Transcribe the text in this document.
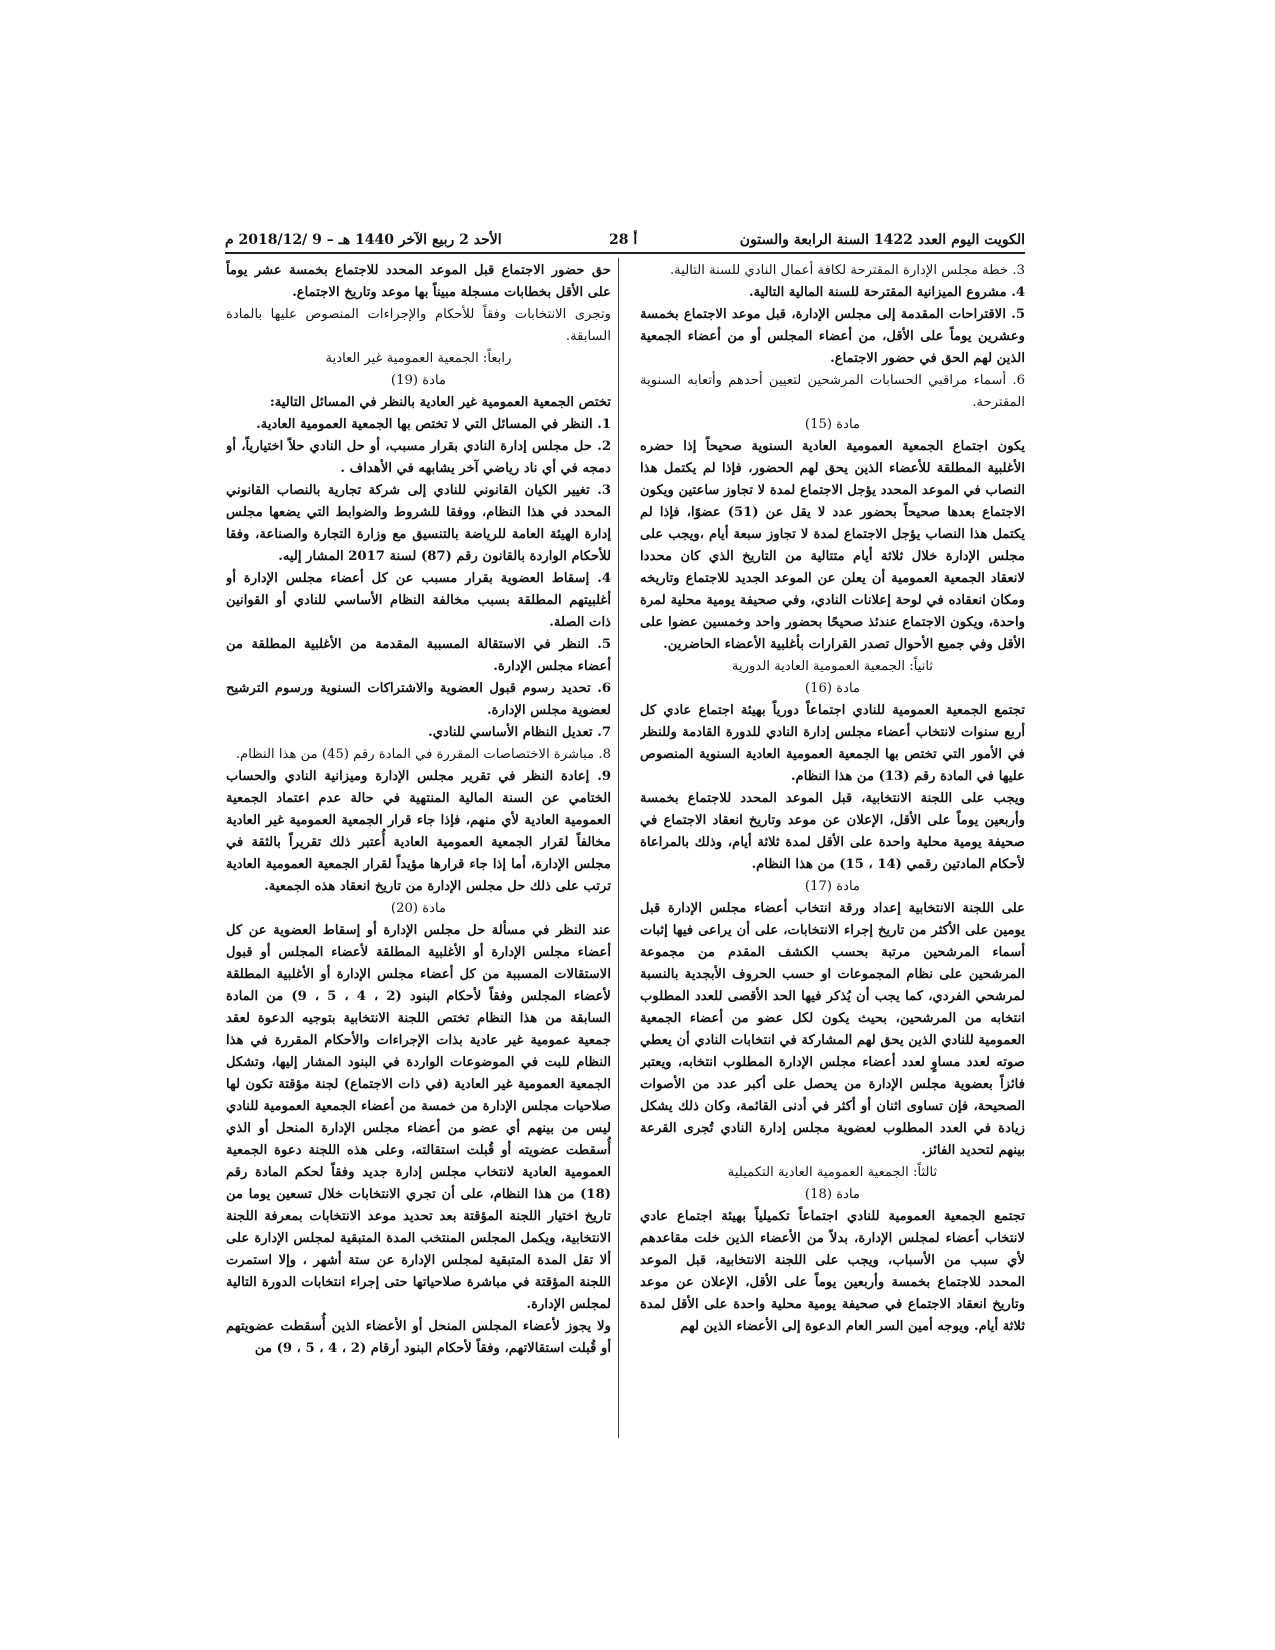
الكويت اليوم العدد 1422 السنة الرابعة والستون
أ 28
الأحد 2 ربيع الآخر 1440 هـ – 9 /2018/12 م

3. خطة مجلس الإدارة المقترحة لكافة أعمال النادي للسنة التالية.

4. مشروع الميزانية المقترحة للسنة المالية التالية.

5. الاقتراحات المقدمة إلى مجلس الإدارة، قبل موعد الاجتماع بخمسة وعشرين يوماً على الأقل، من أعضاء المجلس أو من أعضاء الجمعية الذين لهم الحق في حضور الاجتماع.

6. أسماء مراقبي الحسابات المرشحين لتعيين أحدهم وأتعابه السنوية المقترحة.

مادة (15)

يكون اجتماع الجمعية العمومية العادية السنوية صحيحاً إذا حضره الأغلبية المطلقة للأعضاء الذين يحق لهم الحضور، فإذا لم يكتمل هذا النصاب في الموعد المحدد يؤجل الاجتماع لمدة لا تجاوز ساعتين ويكون الاجتماع بعدها صحيحاً بحضور عدد لا يقل عن (51) عضوًا، فإذا لم يكتمل هذا النصاب يؤجل الاجتماع لمدة لا تجاوز سبعة أيام ،ويجب على مجلس الإدارة خلال ثلاثة أيام متتالية من التاريخ الذي كان محددا لانعقاد الجمعية العمومية أن يعلن عن الموعد الجديد للاجتماع وتاريخه ومكان انعقاده في لوحة إعلانات النادي، وفي صحيفة يومية محلية لمرة واحدة، ويكون الاجتماع عندئذ صحيحًا بحضور واحد وخمسين عضوا على الأقل وفي جميع الأحوال تصدر القرارات بأغلبية الأعضاء الحاضرين.

ثانياً: الجمعية العمومية العادية الدورية

مادة (16)

تجتمع الجمعية العمومية للنادي اجتماعاً دورياً بهيئة اجتماع عادي كل أربع سنوات لانتخاب أعضاء مجلس إدارة النادي للدورة القادمة وللنظر في الأمور التي تختص بها الجمعية العمومية العادية السنوية المنصوص عليها في المادة رقم (13) من هذا النظام.

ويجب على اللجنة الانتخابية، قبل الموعد المحدد للاجتماع بخمسة وأربعين يوماً على الأقل، الإعلان عن موعد وتاريخ انعقاد الاجتماع في صحيفة يومية محلية واحدة على الأقل لمدة ثلاثة أيام، وذلك بالمراعاة لأحكام المادتين رقمي (14 ، 15) من هذا النظام.

مادة (17)

على اللجنة الانتخابية إعداد ورقة انتخاب أعضاء مجلس الإدارة قبل يومين على الأكثر من تاريخ إجراء الانتخابات، على أن يراعى فيها إثبات أسماء المرشحين مرتبة بحسب الكشف المقدم من مجموعة المرشحين على نظام المجموعات او حسب الحروف الأبجدية بالنسبة لمرشحي الفردي، كما يجب أن يُذكر فيها الحد الأقصى للعدد المطلوب انتخابه من المرشحين، بحيث يكون لكل عضو من أعضاء الجمعية العمومية للنادي الذين يحق لهم المشاركة في انتخابات النادي أن يعطي صوته لعدد مساوٍ لعدد أعضاء مجلس الإدارة المطلوب انتخابه، ويعتبر فائزاً بعضوية مجلس الإدارة من يحصل على أكبر عدد من الأصوات الصحيحة، فإن تساوى اثنان أو أكثر في أدنى القائمة، وكان ذلك يشكل زيادة في العدد المطلوب لعضوية مجلس إدارة النادي تُجرى القرعة بينهم لتحديد الفائز.

ثالثاً: الجمعية العمومية العادية التكميلية

مادة (18)

تجتمع الجمعية العمومية للنادي اجتماعاً تكميلياً بهيئة اجتماع عادي لانتخاب أعضاء لمجلس الإدارة، بدلاً من الأعضاء الذين خلت مقاعدهم لأي سبب من الأسباب، ويجب على اللجنة الانتخابية، قبل الموعد المحدد للاجتماع بخمسة وأربعين يوماً على الأقل، الإعلان عن موعد وتاريخ انعقاد الاجتماع في صحيفة يومية محلية واحدة على الأقل لمدة ثلاثة أيام. ويوجه أمين السر العام الدعوة إلى الأعضاء الذين لهم

حق حضور الاجتماع قبل الموعد المحدد للاجتماع بخمسة عشر يوماً على الأقل بخطابات مسجلة مبيناً بها موعد وتاريخ الاجتماع.

وتجرى الانتخابات وفقاً للأحكام والإجراءات المنصوص عليها بالمادة السابقة.

رابعاً: الجمعية العمومية غير العادية

مادة (19)

تختص الجمعية العمومية غير العادية بالنظر في المسائل التالية:

1. النظر في المسائل التي لا تختص بها الجمعية العمومية العادية.

2. حل مجلس إدارة النادي بقرار مسبب، أو حل النادي حلاً اختيارياً، أو دمجه في أي ناد رياضي آخر يشابهه في الأهداف .

3. تغيير الكيان القانوني للنادي إلى شركة تجارية بالنصاب القانوني المحدد في هذا النظام، ووفقا للشروط والضوابط التي يضعها مجلس إدارة الهيئة العامة للرياضة بالتنسيق مع وزارة التجارة والصناعة، وفقا للأحكام الواردة بالقانون رقم (87) لسنة 2017 المشار إليه.

4. إسقاط العضوية بقرار مسبب عن كل أعضاء مجلس الإدارة أو أغلبيتهم المطلقة بسبب مخالفة النظام الأساسي للنادي أو القوانين ذات الصلة.

5. النظر في الاستقالة المسببة المقدمة من الأغلبية المطلقة من أعضاء مجلس الإدارة.

6. تحديد رسوم قبول العضوية والاشتراكات السنوية ورسوم الترشيح لعضوية مجلس الإدارة.

7. تعديل النظام الأساسي للنادي.

8. مباشرة الاختصاصات المقررة في المادة رقم (45) من هذا النظام.

9. إعادة النظر في تقرير مجلس الإدارة وميزانية النادي والحساب الختامي عن السنة المالية المنتهية في حالة عدم اعتماد الجمعية العمومية العادية لأي منهم، فإذا جاء قرار الجمعية العمومية غير العادية مخالفاً لقرار الجمعية العمومية العادية أُعتبر ذلك تقريراً بالثقة في مجلس الإدارة، أما إذا جاء قرارها مؤيداً لقرار الجمعية العمومية العادية ترتب على ذلك حل مجلس الإدارة من تاريخ انعقاد هذه الجمعية.

مادة (20)

عند النظر في مسألة حل مجلس الإدارة أو إسقاط العضوية عن كل أعضاء مجلس الإدارة أو الأغلبية المطلقة لأعضاء المجلس أو قبول الاستقالات المسببة من كل أعضاء مجلس الإدارة أو الأغلبية المطلقة لأعضاء المجلس وفقاً لأحكام البنود (2 ، 4 ، 5 ، 9) من المادة السابقة من هذا النظام تختص اللجنة الانتخابية بتوجيه الدعوة لعقد جمعية عمومية غير عادية بذات الإجراءات والأحكام المقررة في هذا النظام للبت في الموضوعات الواردة في البنود المشار إليها، وتشكل الجمعية العمومية غير العادية (في ذات الاجتماع) لجنة مؤقتة تكون لها صلاحيات مجلس الإدارة من خمسة من أعضاء الجمعية العمومية للنادي ليس من بينهم أي عضو من أعضاء مجلس الإدارة المنحل أو الذي أُسقطت عضويته أو قُبلت استقالته، وعلى هذه اللجنة دعوة الجمعية العمومية العادية لانتخاب مجلس إدارة جديد وفقاً لحكم المادة رقم (18) من هذا النظام، على أن تجري الانتخابات خلال تسعين يوما من تاريخ اختيار اللجنة المؤقتة بعد تحديد موعد الانتخابات بمعرفة اللجنة الانتخابية، ويكمل المجلس المنتخب المدة المتبقية لمجلس الإدارة على ألا تقل المدة المتبقية لمجلس الإدارة عن ستة أشهر ، وإلا استمرت اللجنة المؤقتة في مباشرة صلاحياتها حتى إجراء انتخابات الدورة التالية لمجلس الإدارة.

ولا يجوز لأعضاء المجلس المنحل أو الأعضاء الذين أُسقطت عضويتهم أو قُبلت استقالاتهم، وفقاً لأحكام البنود أرقام (2 ، 4 ، 5 ، 9) من
